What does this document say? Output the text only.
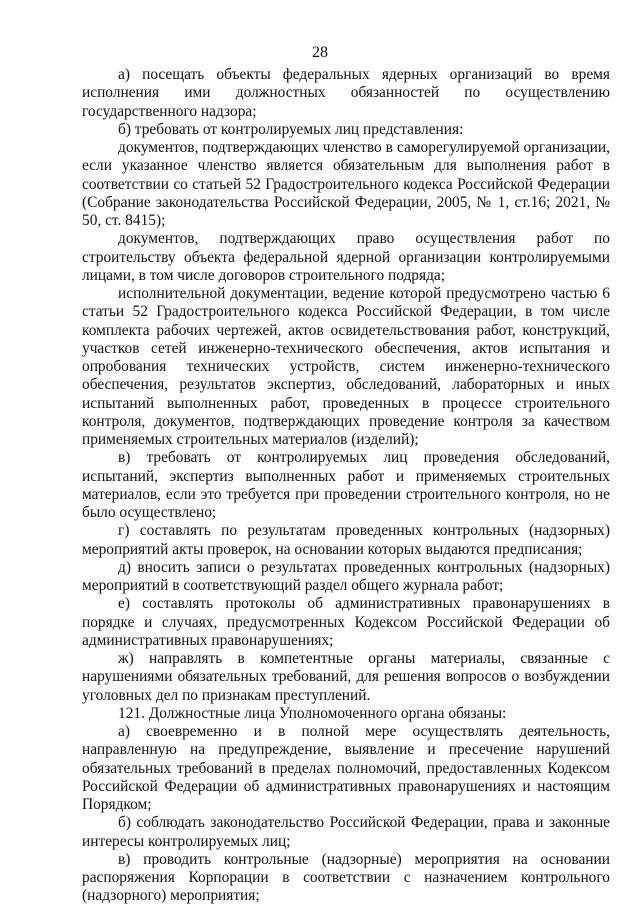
28

а) посещать объекты федеральных ядерных организаций во время исполнения ими должностных обязанностей по осуществлению государственного надзора;

б) требовать от контролируемых лиц представления:

документов, подтверждающих членство в саморегулируемой организации, если указанное членство является обязательным для выполнения работ в соответствии со статьей 52 Градостроительного кодекса Российской Федерации (Собрание законодательства Российской Федерации, 2005, № 1, ст.16; 2021, № 50, ст. 8415);

документов, подтверждающих право осуществления работ по строительству объекта федеральной ядерной организации контролируемыми лицами, в том числе договоров строительного подряда;

исполнительной документации, ведение которой предусмотрено частью 6 статьи 52 Градостроительного кодекса Российской Федерации, в том числе комплекта рабочих чертежей, актов освидетельствования работ, конструкций, участков сетей инженерно-технического обеспечения, актов испытания и опробования технических устройств, систем инженерно-технического обеспечения, результатов экспертиз, обследований, лабораторных и иных испытаний выполненных работ, проведенных в процессе строительного контроля, документов, подтверждающих проведение контроля за качеством применяемых строительных материалов (изделий);

в) требовать от контролируемых лиц проведения обследований, испытаний, экспертиз выполненных работ и применяемых строительных материалов, если это требуется при проведении строительного контроля, но не было осуществлено;

г) составлять по результатам проведенных контрольных (надзорных) мероприятий акты проверок, на основании которых выдаются предписания;

д) вносить записи о результатах проведенных контрольных (надзорных) мероприятий в соответствующий раздел общего журнала работ;

е) составлять протоколы об административных правонарушениях в порядке и случаях, предусмотренных Кодексом Российской Федерации об административных правонарушениях;

ж) направлять в компетентные органы материалы, связанные с нарушениями обязательных требований, для решения вопросов о возбуждении уголовных дел по признакам преступлений.

121. Должностные лица Уполномоченного органа обязаны:

а) своевременно и в полной мере осуществлять деятельность, направленную на предупреждение, выявление и пресечение нарушений обязательных требований в пределах полномочий, предоставленных Кодексом Российской Федерации об административных правонарушениях и настоящим Порядком;

б) соблюдать законодательство Российской Федерации, права и законные интересы контролируемых лиц;

в) проводить контрольные (надзорные) мероприятия на основании распоряжения Корпорации в соответствии с назначением контрольного (надзорного) мероприятия;
